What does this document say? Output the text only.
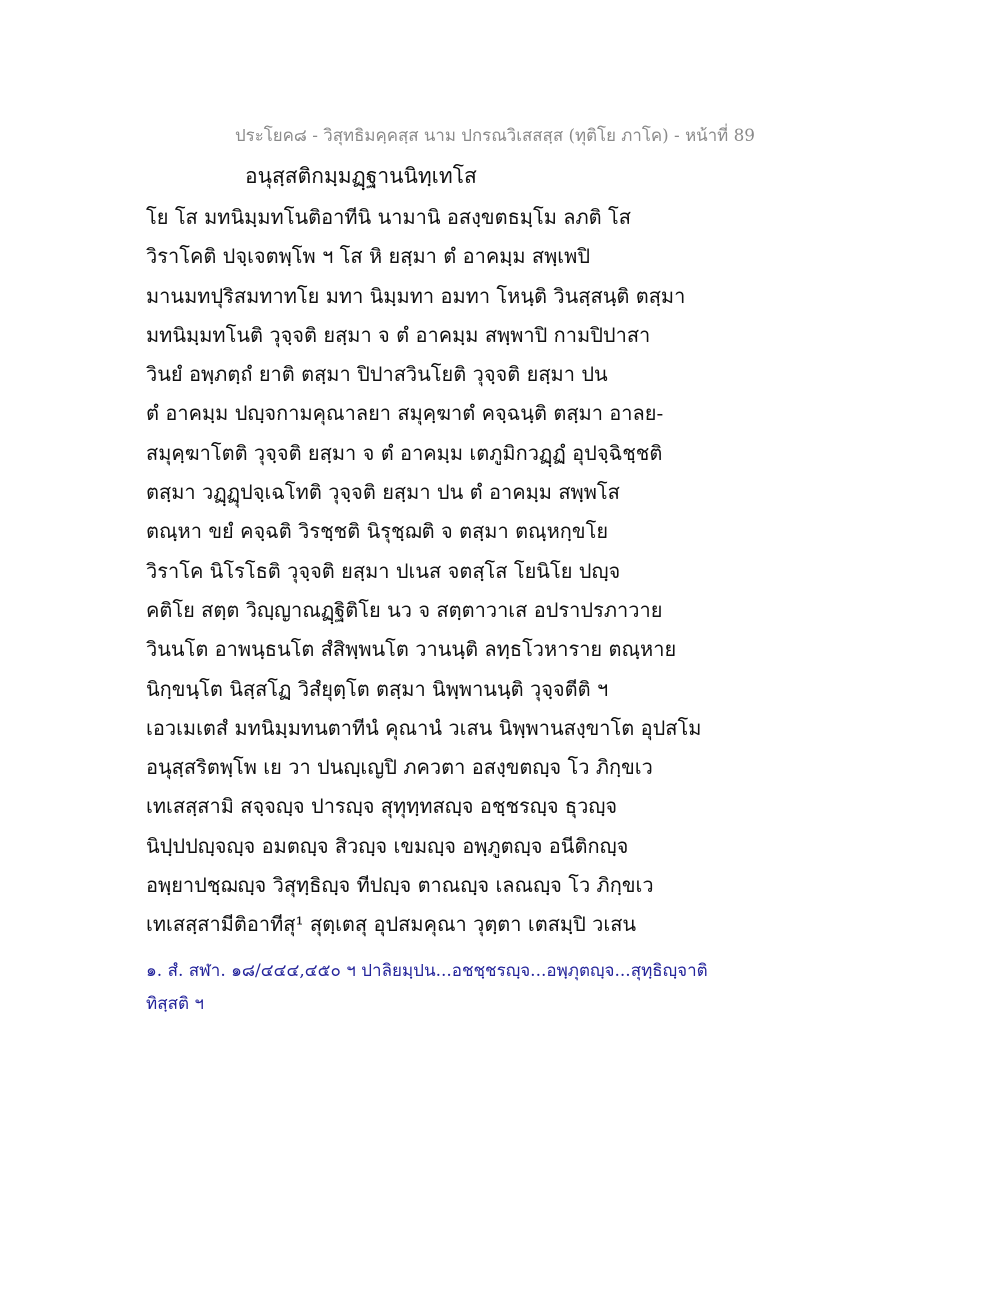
ประโยค๘ - วิสุทธิมคฺคสฺส นาม ปกรณวิเสสสฺส (ทุติโย ภาโค) - หน้าที่ 89
อนุสฺสติกมฺมฏฺฐานนิทฺเทโส
โย โส มทนิมฺมทโนติอาทีนิ นามานิ อสงฺขตธมฺโม ลภติ โส
วิราโคติ ปจฺเจตพฺโพ ฯ โส หิ ยสฺมา ตํ อาคมฺม สพฺเพปิ
มานมทปุริสมทาทโย มทา นิมฺมทา อมทา โหนฺติ วินสฺสนฺติ ตสฺมา
มทนิมฺมทโนติ วุจฺจติ ยสฺมา จ ตํ อาคมฺม สพฺพาปิ กามปิปาสา
วินยํ อพฺภตฺถํ ยาติ ตสฺมา ปิปาสวินโยติ วุจฺจติ ยสฺมา ปน
ตํ อาคมฺม ปญฺจกามคุณาลยา สมุคฺฆาตํ คจฺฉนฺติ ตสฺมา อาลย-
สมุคฺฆาโตติ วุจฺจติ ยสฺมา จ ตํ อาคมฺม เตภูมิกวฏฺฏํ อุปจฺฉิชฺชติ
ตสฺมา วฏฺฏุปจฺเฉโทติ วุจฺจติ ยสฺมา ปน ตํ อาคมฺม สพฺพโส
ตณฺหา ขยํ คจฺฉติ วิรชฺชติ นิรุชฺฌติ จ ตสฺมา ตณฺหกฺขโย
วิราโค นิโรโธติ วุจฺจติ ยสฺมา ปเนส จตสฺโส โยนิโย ปญฺจ
คติโย สตฺต วิญฺญาณฏฺฐิติโย นว จ สตฺตาวาเส อปราปรภาวาย
วินนโต อาพนฺธนโต สํสิพฺพนโต วานนฺติ ลทฺธโวหาราย ตณฺหาย
นิกฺขนฺโต นิสฺสโฏ วิสํยุตฺโต ตสฺมา นิพฺพานนฺติ วุจฺจตีติ ฯ
เอวเมเตสํ มทนิมฺมทนตาทีนํ คุณานํ วเสน นิพฺพานสงฺขาโต อุปสโม
อนุสฺสริตพฺโพ เย วา ปนญฺเญปิ ภควตา อสงฺขตญฺจ โว ภิกฺขเว
เทเสสฺสามิ สจฺจญฺจ ปารญฺจ สุทุทฺทสญฺจ อชฺชรญฺจ ธุวญฺจ
นิปฺปปญฺจญฺจ อมตญฺจ สิวญฺจ เขมญฺจ อพฺภูตญฺจ อนีติกญฺจ
อพฺยาปชฺฌญฺจ วิสุทฺธิญฺจ ทีปญฺจ ตาณญฺจ เลณญฺจ โว ภิกฺขเว
เทเสสฺสามีติอาทีสุ¹ สุตฺเตสุ อุปสมคุณา วุตฺตา เตสมฺปิ วเสน
๑. สํ. สฬา. ๑๘/๔๔๔,๔๕๐ ฯ ปาลิยมฺปน...อชชฺชรญฺจ...อพฺภุตญฺจ...สุทฺธิญฺจาติ
ทิสฺสติ ฯ
